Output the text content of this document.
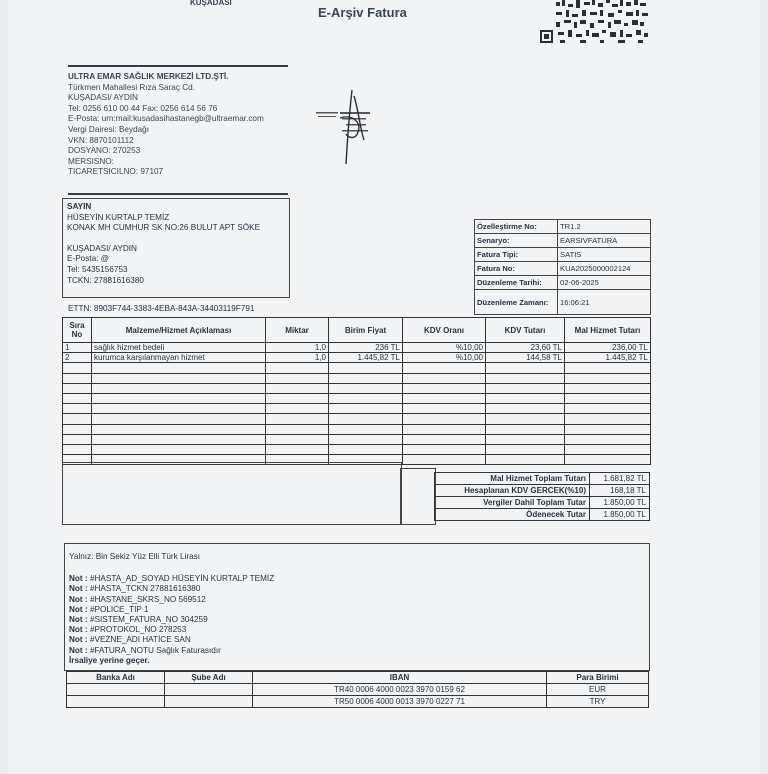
KUŞADASI
E-Arşiv Fatura
ULTRA EMAR SAĞLIK MERKEZİ LTD.ŞTİ.
Türkmen Mahallesi Rıza Saraç Cd.
KUŞADASI/ AYDIN
Tel: 0256 610 00 44 Fax: 0256 614 56 76
E-Posta: urn:mail:kusadasihastanegb@ultraemar.com
Vergi Dairesi: Beydağı
VKN: 8870101112
DOSYANO: 270253
MERSISNO:
TICARETSICILNO: 97107
SAYIN
HÜSEYİN KURTALP TEMİZ
KONAK MH CUMHUR SK NO:26 BULUT APT SÖKE
KUŞADASI/ AYDIN
E-Posta: @
Tel: 5435156753
TCKN: 27881616380
ETTN: 8903F744-3383-4EBA-843A-34403119F791
Özelleştirme No:	TR1.2
Senaryo:	EARSIVFATURA
Fatura Tipi:	SATIS
Fatura No:	KUA2025000002124
Düzenleme Tarihi:	02-06-2025
Düzenleme Zamanı:	16:06:21
Sıra No	Malzeme/Hizmet Açıklaması	Miktar	Birim Fiyat	KDV Oranı	KDV Tutarı	Mal Hizmet Tutarı
1	sağlık hizmet bedeli	1,0	236 TL	%10,00	23,60 TL	236,00 TL
2	kurumca karşılanmayan hizmet	1,0	1.445,82 TL	%10,00	144,58 TL	1.445,82 TL

Mal Hizmet Toplam Tutarı	1.681,82 TL
Hesaplanan KDV GERCEK(%10)	168,18 TL
Vergiler Dahil Toplam Tutar	1.850,00 TL
Ödenecek Tutar	1.850,00 TL
Yalnız: Bin Sekiz Yüz Elli Türk Lirası
Not : #HASTA_AD_SOYAD HÜSEYİN KURTALP TEMİZ
Not : #HASTA_TCKN 27881616380
Not : #HASTANE_SKRS_NO 569512
Not : #POLICE_TIP 1
Not : #SISTEM_FATURA_NO 304259
Not : #PROTOKOL_NO 278253
Not : #VEZNE_ADI HATİCE SAN
Not : #FATURA_NOTU Sağlık Faturasıdır
İrsaliye yerine geçer.
Banka Adı	Şube Adı	IBAN	Para Birimi
		TR40 0006 4000 0023 3970 0159 62	EUR
		TR50 0006 4000 0013 3970 0227 71	TRY
